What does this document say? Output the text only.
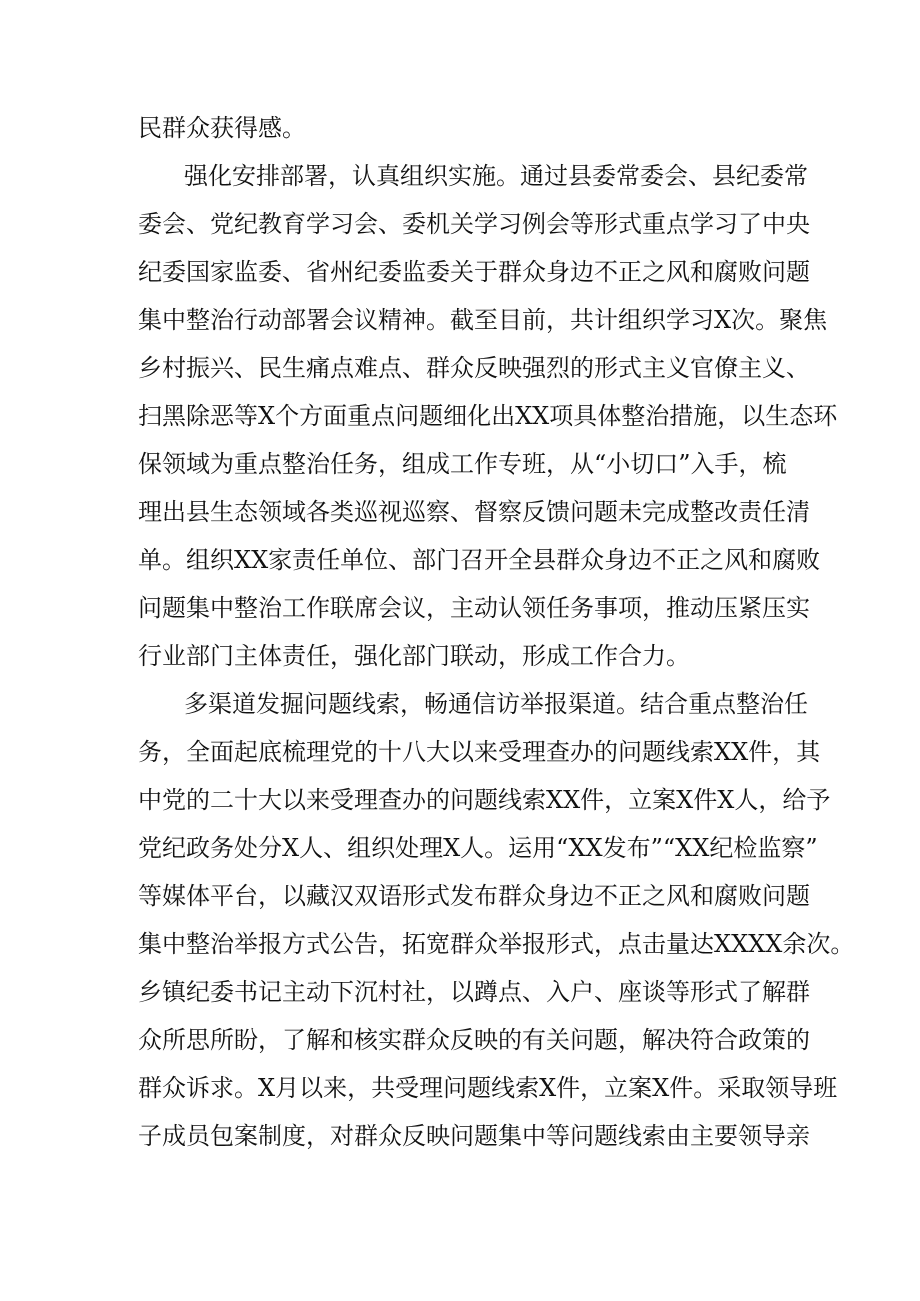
民群众获得感。
强化安排部署，认真组织实施。通过县委常委会、县纪委常
委会、党纪教育学习会、委机关学习例会等形式重点学习了中央
纪委国家监委、省州纪委监委关于群众身边不正之风和腐败问题
集中整治行动部署会议精神。截至目前，共计组织学习X次。聚焦
乡村振兴、民生痛点难点、群众反映强烈的形式主义官僚主义、
扫黑除恶等X个方面重点问题细化出XX项具体整治措施，以生态环
保领域为重点整治任务，组成工作专班，从“小切口”入手，梳
理出县生态领域各类巡视巡察、督察反馈问题未完成整改责任清
单。组织XX家责任单位、部门召开全县群众身边不正之风和腐败
问题集中整治工作联席会议，主动认领任务事项，推动压紧压实
行业部门主体责任，强化部门联动，形成工作合力。
多渠道发掘问题线索，畅通信访举报渠道。结合重点整治任
务，全面起底梳理党的十八大以来受理查办的问题线索XX件，其
中党的二十大以来受理查办的问题线索XX件，立案X件X人，给予
党纪政务处分X人、组织处理X人。运用“XX发布”“XX纪检监察”
等媒体平台，以藏汉双语形式发布群众身边不正之风和腐败问题
集中整治举报方式公告，拓宽群众举报形式，点击量达XXXX余次。
乡镇纪委书记主动下沉村社，以蹲点、入户、座谈等形式了解群
众所思所盼，了解和核实群众反映的有关问题，解决符合政策的
群众诉求。X月以来，共受理问题线索X件，立案X件。采取领导班
子成员包案制度，对群众反映问题集中等问题线索由主要领导亲
